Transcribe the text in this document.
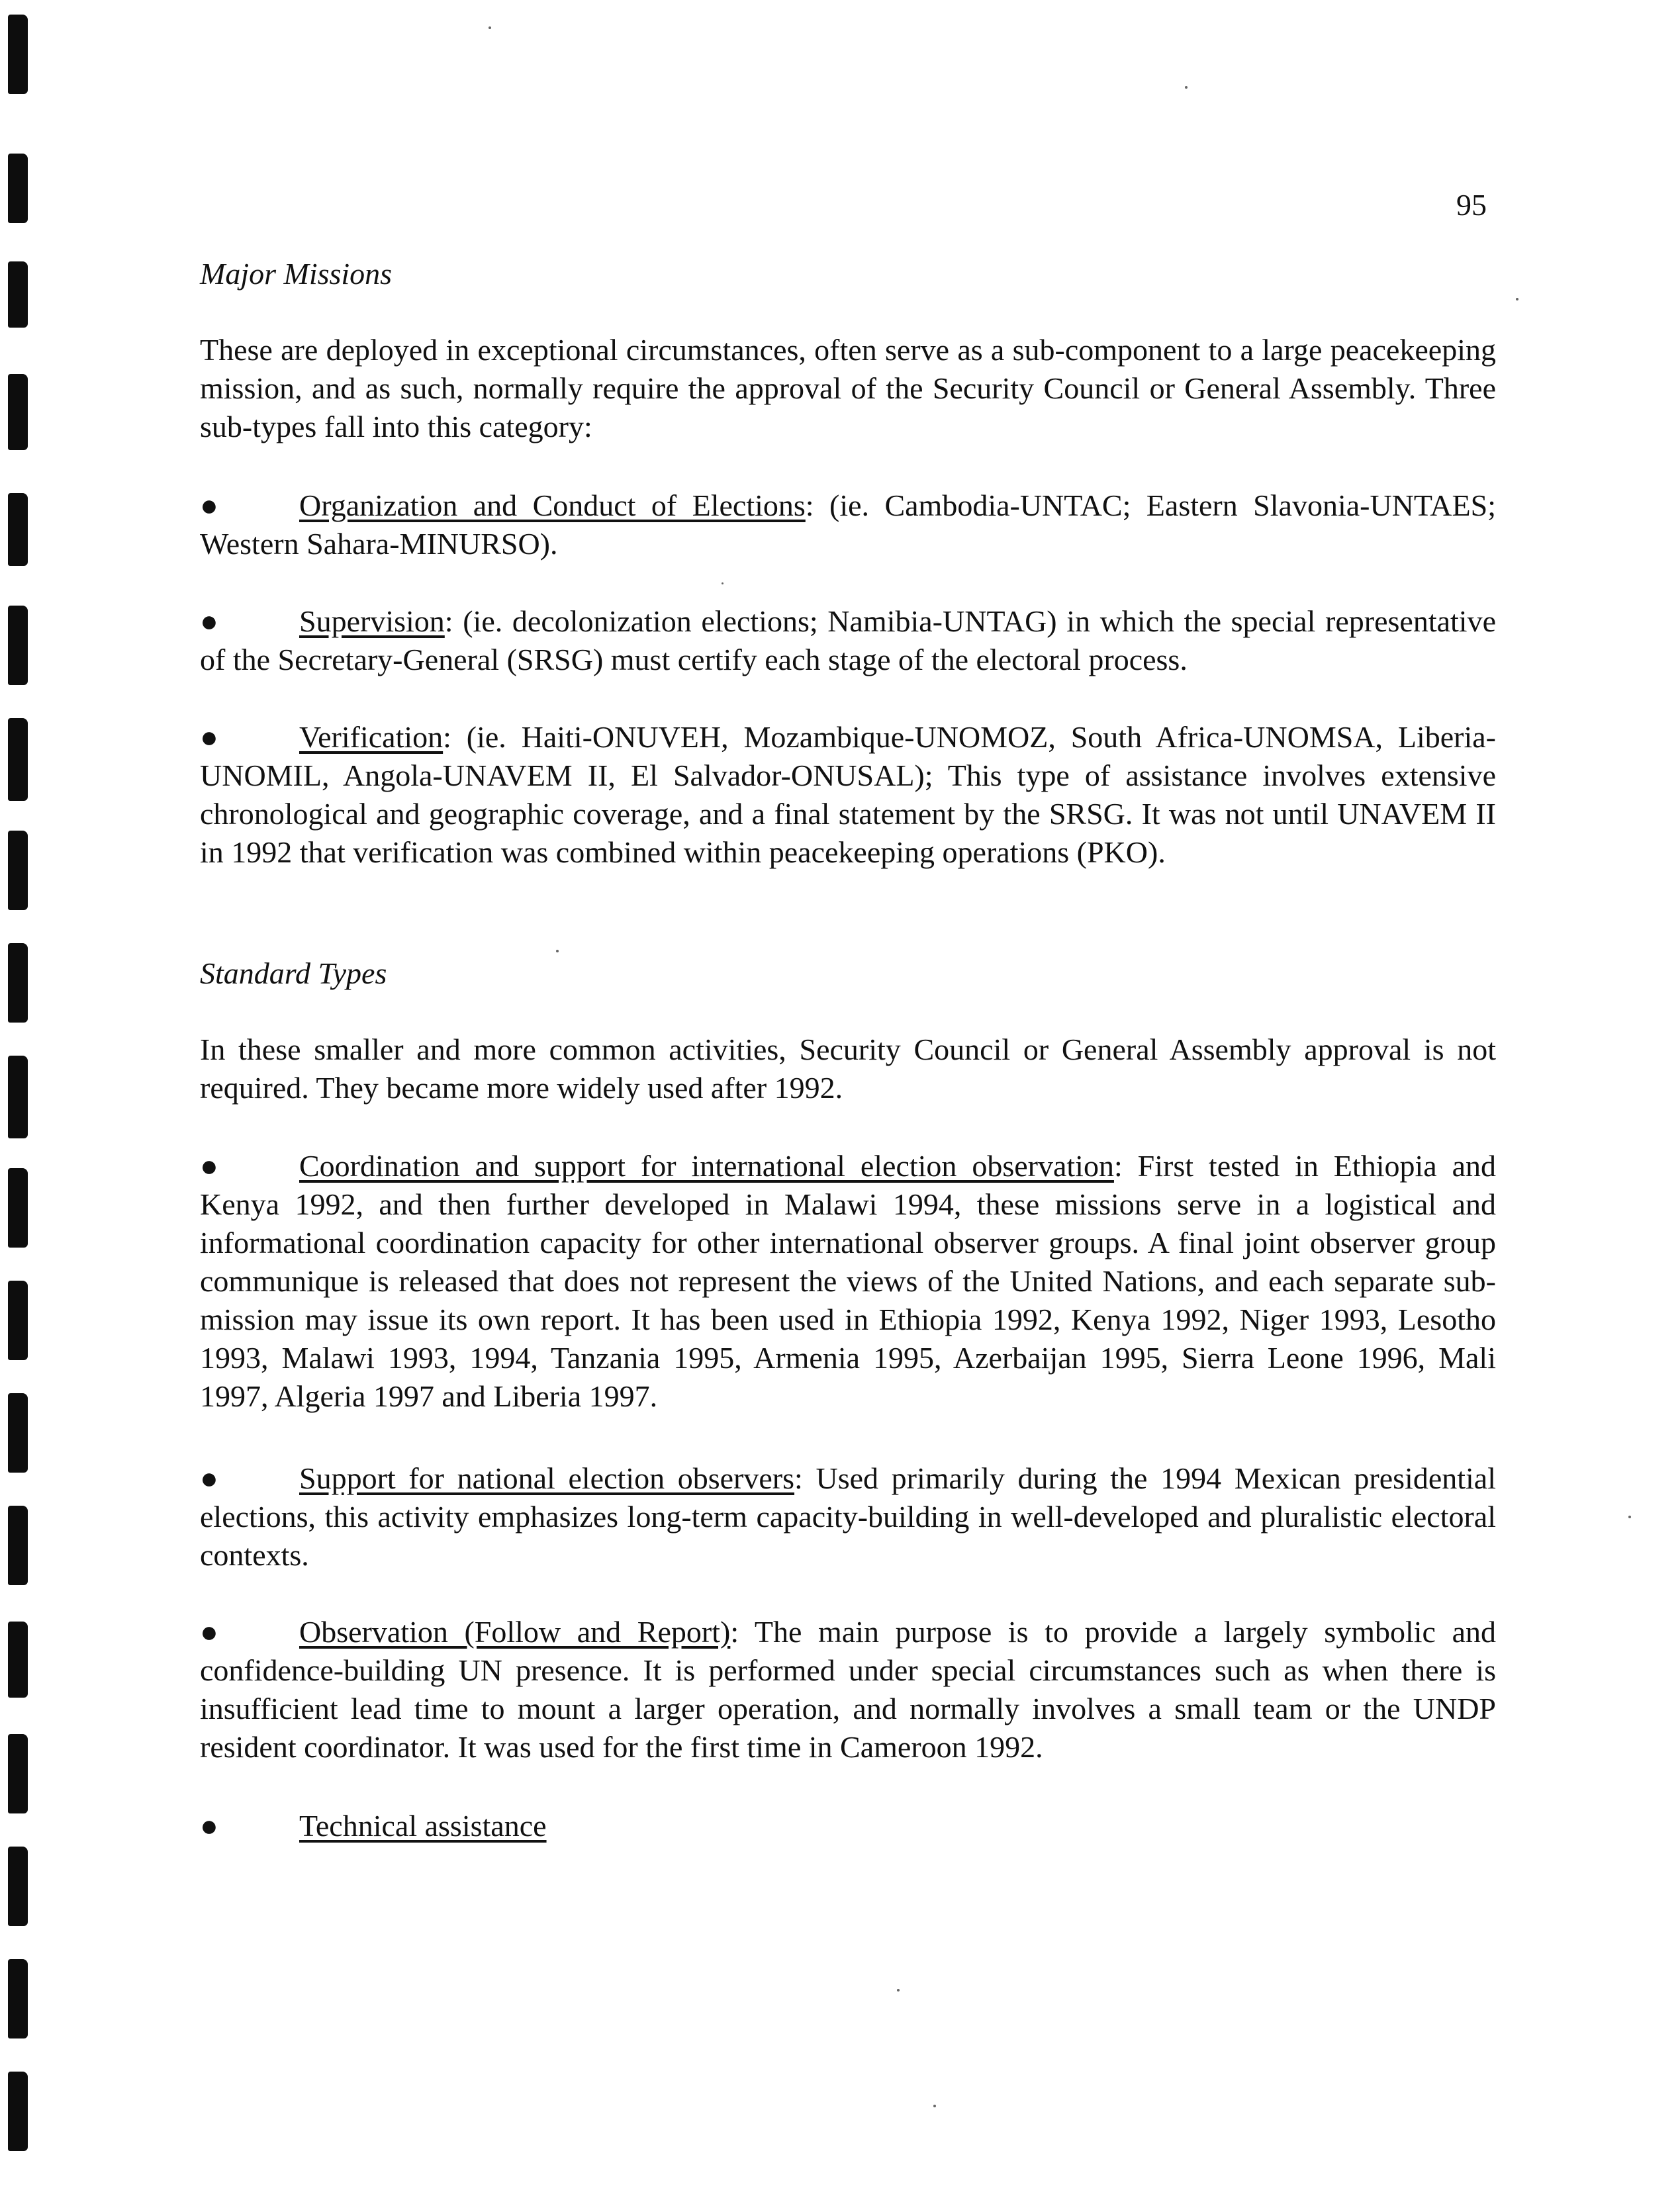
95

Major Missions

These are deployed in exceptional circumstances, often serve as a sub-component to a large peacekeeping mission, and as such, normally require the approval of the Security Council or General Assembly. Three sub-types fall into this category:

●	Organization and Conduct of Elections: (ie. Cambodia-UNTAC; Eastern Slavonia-UNTAES; Western Sahara-MINURSO).

●	Supervision: (ie. decolonization elections; Namibia-UNTAG) in which the special representative of the Secretary-General (SRSG) must certify each stage of the electoral process.

●	Verification: (ie. Haiti-ONUVEH, Mozambique-UNOMOZ, South Africa-UNOMSA, Liberia-UNOMIL, Angola-UNAVEM II, El Salvador-ONUSAL); This type of assistance involves extensive chronological and geographic coverage, and a final statement by the SRSG. It was not until UNAVEM II in 1992 that verification was combined within peacekeeping operations (PKO).

Standard Types

In these smaller and more common activities, Security Council or General Assembly approval is not required. They became more widely used after 1992.

●	Coordination and support for international election observation: First tested in Ethiopia and Kenya 1992, and then further developed in Malawi 1994, these missions serve in a logistical and informational coordination capacity for other international observer groups. A final joint observer group communique is released that does not represent the views of the United Nations, and each separate sub-mission may issue its own report. It has been used in Ethiopia 1992, Kenya 1992, Niger 1993, Lesotho 1993, Malawi 1993, 1994, Tanzania 1995, Armenia 1995, Azerbaijan 1995, Sierra Leone 1996, Mali 1997, Algeria 1997 and Liberia 1997.

●	Support for national election observers: Used primarily during the 1994 Mexican presidential elections, this activity emphasizes long-term capacity-building in well-developed and pluralistic electoral contexts.

●	Observation (Follow and Report): The main purpose is to provide a largely symbolic and confidence-building UN presence. It is performed under special circumstances such as when there is insufficient lead time to mount a larger operation, and normally involves a small team or the UNDP resident coordinator. It was used for the first time in Cameroon 1992.

●	Technical assistance
